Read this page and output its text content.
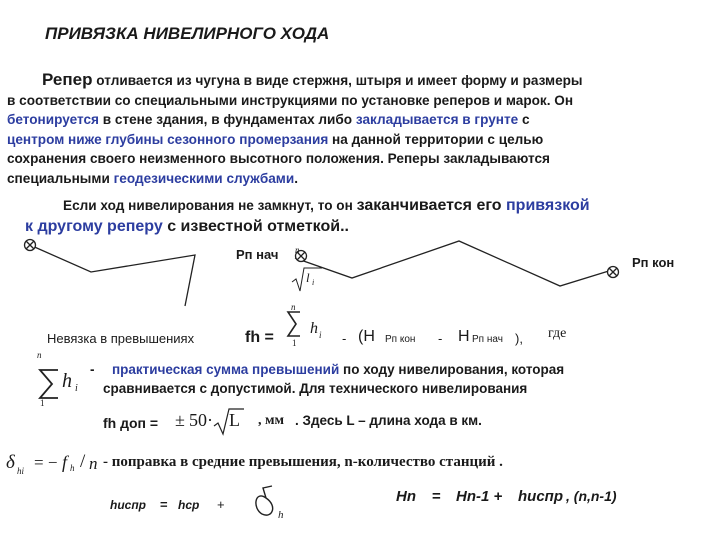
ПРИВЯЗКА НИВЕЛИРНОГО ХОДА
Репер отливается из чугуна в виде стержня, штыря и имеет форму и размеры
в соответствии со специальными инструкциями по установке реперов и марок. Он
бетонируется в стене здания, в фундаментах либо закладывается в грунте с
центром ниже глубины сезонного промерзания на данной территории с целью
сохранения своего неизменного высотного положения. Реперы закладываются
специальными геодезическими службами.
Если ход нивелирования не замкнут, то он заканчивается его привязкой
к другому реперу с известной отметкой..
Рп нач
Рп кон
n
l i
Невязка в превышениях	fh =
n
1
h i - (Н Рп кон - Н Рп нач ), где
n
1
h i
- практическая сумма превышений по ходу нивелирования, которая
сравнивается с допустимой. Для технического нивелирования
fh доп = ± 50· L , мм . Здесь L – длина хода в км.
δ hi = − f h / n - поправка в средние превышения, n-количество станций .
hиспр = hср +
h
Нn = Нn-1 + hиспр , (n,n-1)
